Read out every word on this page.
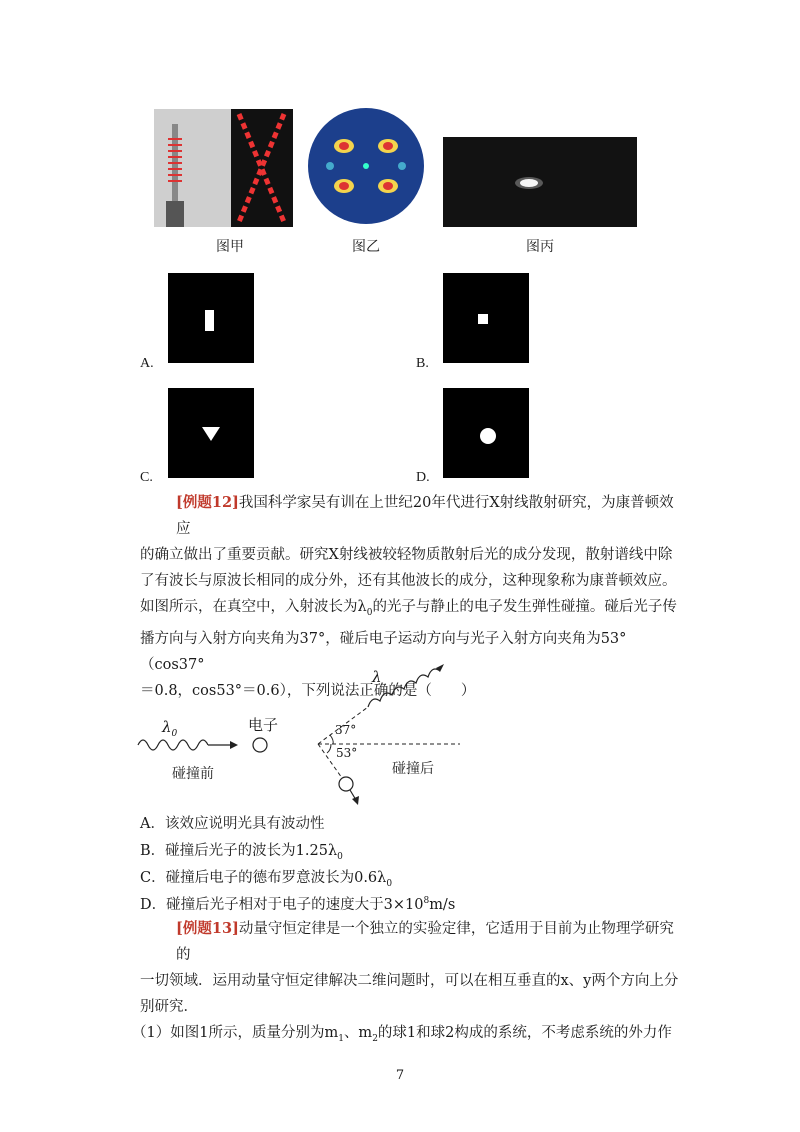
图甲	图乙	图丙
A.	B.
C.	D.
[例题12]我国科学家吴有训在上世纪20年代进行X射线散射研究，为康普顿效应
的确立做出了重要贡献。研究X射线被较轻物质散射后光的成分发现，散射谱线中除
了有波长与原波长相同的成分外，还有其他波长的成分，这种现象称为康普顿效应。
如图所示，在真空中，入射波长为$\lambda_0$的光子与静止的电子发生弹性碰撞。碰后光子传
播方向与入射方向夹角为37°，碰后电子运动方向与光子入射方向夹角为53°（cos37°
＝0.8，cos53°＝0.6），下列说法正确的是（　　）
$\lambda_0$	电子
碰撞前	碰撞后
λ
37°
53°
A．该效应说明光具有波动性
B．碰撞后光子的波长为$1.25\lambda_0$
C．碰撞后电子的德布罗意波长为$0.6\lambda_0$
D．碰撞后光子相对于电子的速度大于$3\times 10^8m/s$
[例题13]动量守恒定律是一个独立的实验定律，它适用于目前为止物理学研究的
一切领域．运用动量守恒定律解决二维问题时，可以在相互垂直的x、y两个方向上分
别研究．
（1）如图1所示，质量分别为$m_1$、$m_2$的球1和球2构成的系统，不考虑系统的外力作
7
